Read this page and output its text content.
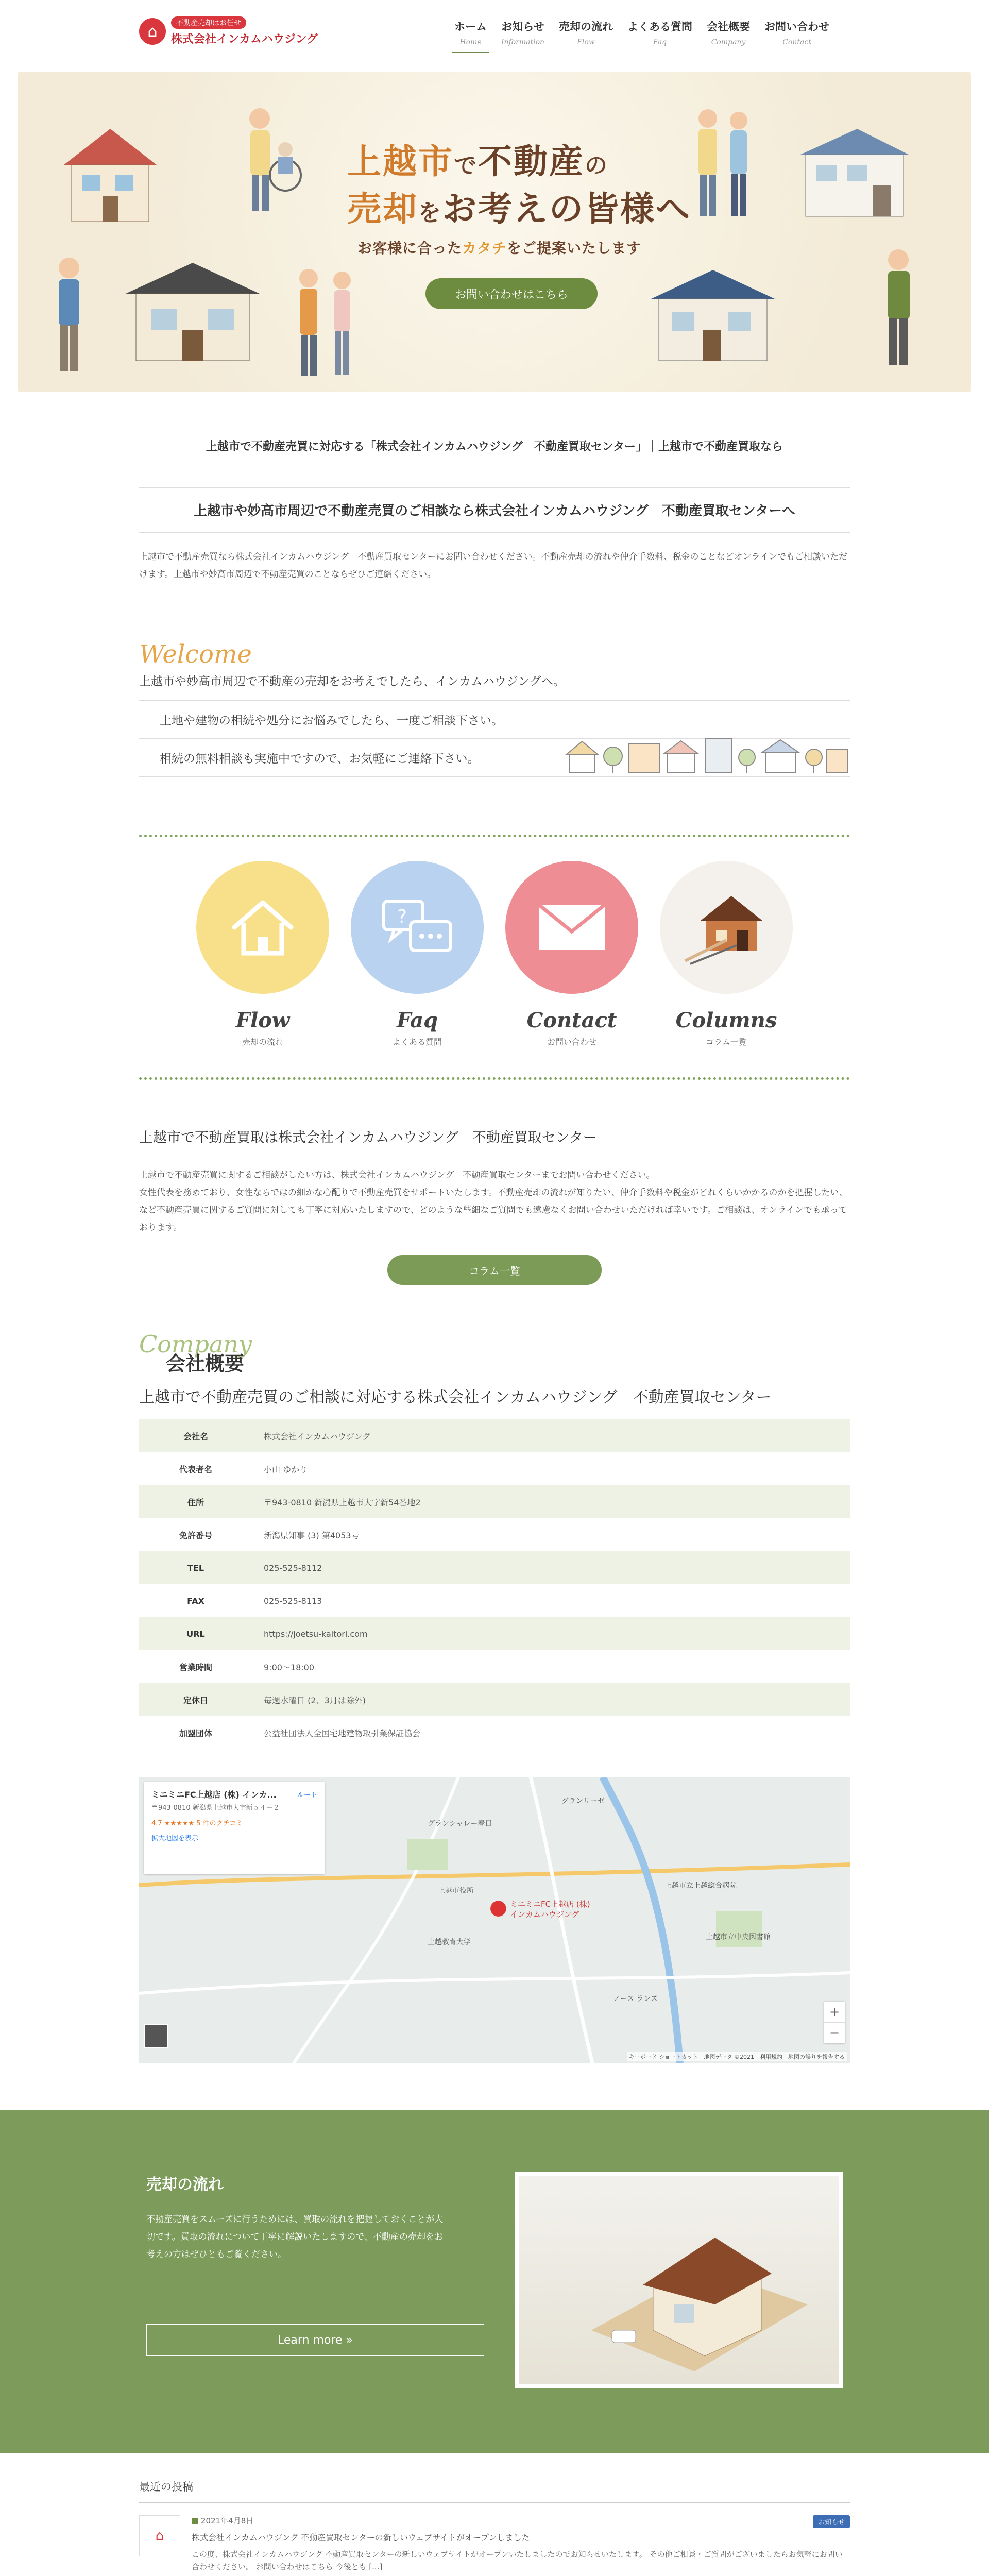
⌂	不動産売却はお任せ
株式会社インカムハウジング
ホーム
Home
お知らせ
Information
売却の流れ
Flow
よくある質問
Faq
会社概要
Company
お問い合わせ
Contact
上越市で不動産の
売却をお考えの皆様へ
お客様に合ったカタチをご提案いたします
お問い合わせはこちら
上越市で不動産売買に対応する「株式会社インカムハウジング　不動産買取センター」｜上越市で不動産買取なら
上越市や妙高市周辺で不動産売買のご相談なら株式会社インカムハウジング　不動産買取センターへ

上越市で不動産売買なら株式会社インカムハウジング　不動産買取センターにお問い合わせください。不動産売却の流れや仲介手数料、税金のことなどオンラインでもご相談いただけます。上越市や妙高市周辺で不動産売買のことならぜひご連絡ください。

Welcome
上越市や妙高市周辺で不動産の売却をお考えでしたら、インカムハウジングへ。
土地や建物の相続や処分にお悩みでしたら、一度ご相談下さい。
相続の無料相談も実施中ですので、お気軽にご連絡下さい。
Flow
売却の流れ
?
Faq
よくある質問
Contact
お問い合わせ
Columns
コラム一覧
上越市で不動産買取は株式会社インカムハウジング　不動産買取センター

上越市で不動産売買に関するご相談がしたい方は、株式会社インカムハウジング　不動産買取センターまでお問い合わせください。
女性代表を務めており、女性ならではの細かな心配りで不動産売買をサポートいたします。不動産売却の流れが知りたい、仲介手数料や税金がどれくらいかかるのかを把握したい、など不動産売買に関するご質問に対しても丁寧に対応いたしますので、どのような些細なご質問でも遠慮なくお問い合わせいただければ幸いです。ご相談は、オンラインでも承っております。

コラム一覧
Company
会社概要
上越市で不動産売買のご相談に対応する株式会社インカムハウジング　不動産買取センター
会社名	株式会社インカムハウジング
代表者名	小山 ゆかり
住所	〒943-0810 新潟県上越市大字新54番地2
免許番号	新潟県知事 (3) 第4053号
TEL	025-525-8112
FAX	025-525-8113
URL	https://joetsu-kaitori.com
営業時間	9:00～18:00
定休日	毎週水曜日 (2、3月は除外)
加盟団体	公益社団法人全国宅地建物取引業保証協会
ミニミニFC上越店 (株) インカ...
〒943-0810 新潟県上越市大字新５４－２
4.7 ★★★★★ 5 件のクチコミ
拡大地図を表示
ルート
● ミニミニFC上越店 (株)
インカムハウジング
グランシャレー春日
グランリーゼ
上越市役所
上越市立中央図書館
ノース ランズ
上越市立上越総合病院
上越教育大学
+
−
キーボード ショートカット　地図データ ©2021　利用規約　地図の誤りを報告する
売却の流れ
不動産売買をスムーズに行うためには、買取の流れを把握しておくことが大切です。買取の流れについて丁寧に解説いたしますので、不動産の売却をお考えの方はぜひともご覧ください。
Learn more »
最近の投稿
⌂
2021年4月8日
株式会社インカムハウジング 不動産買取センターの新しいウェブサイトがオープンしました
この度、株式会社インカムハウジング 不動産買取センターの新しいウェブサイトがオープンいたしましたのでお知らせいたします。 その他ご相談・ご質問がございましたらお気軽にお問い合わせください。 お問い合わせはこちら 今後とも [...]
お知らせ
